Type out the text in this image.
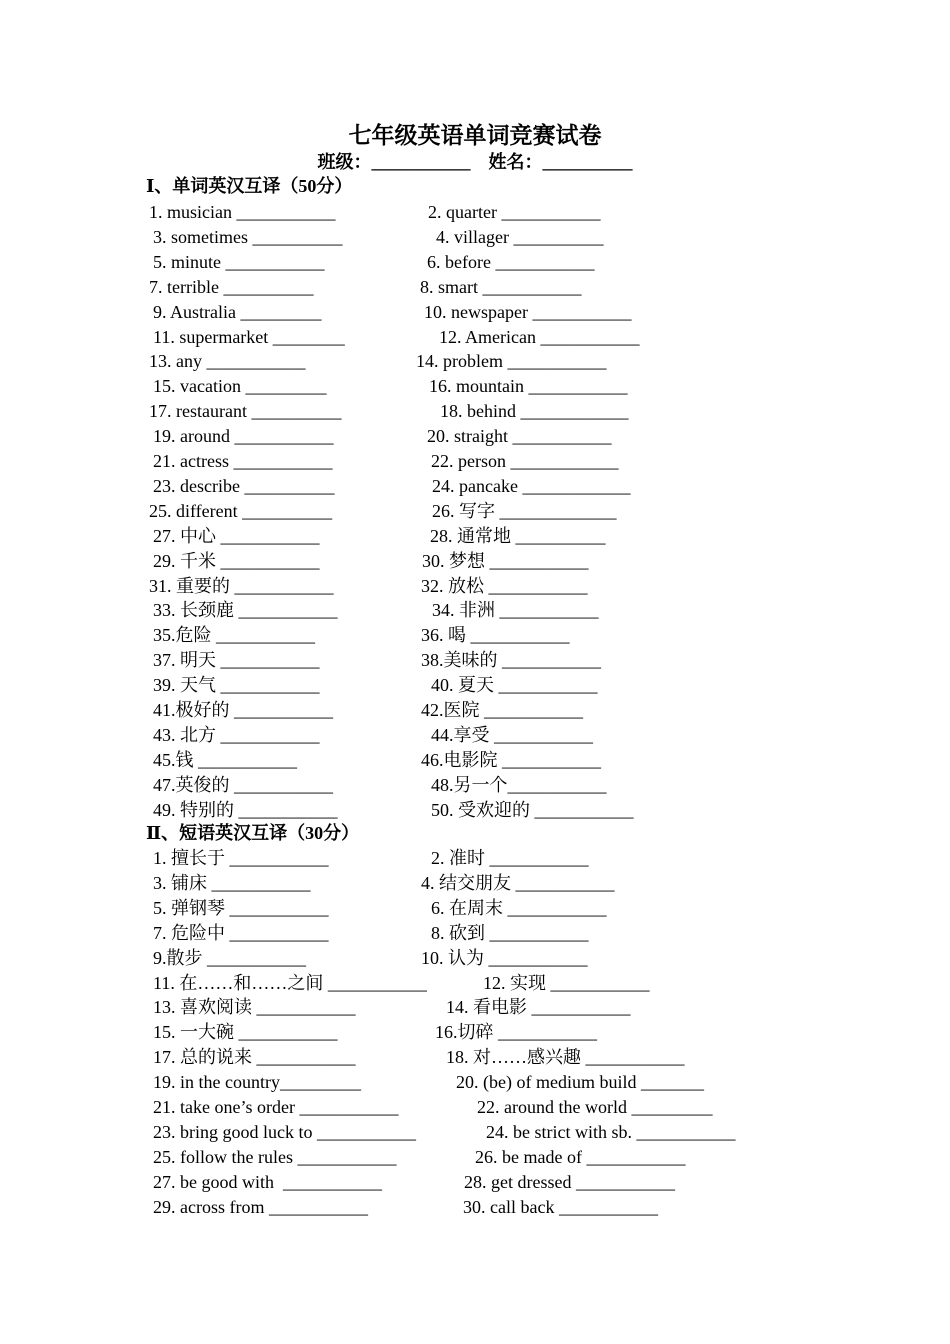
七年级英语单词竞赛试卷
班级：___________    姓名：__________
Ⅰ、单词英汉互译（50分）
1. musician ___________	2. quarter ___________
3. sometimes __________	4. villager __________
5. minute ___________	6. before ___________
7. terrible __________	8. smart ___________
9. Australia _________	10. newspaper ___________
11. supermarket ________	12. American ___________
13. any ___________	14. problem ___________
15. vacation _________	16. mountain ___________
17. restaurant __________	18. behind ____________
19. around ___________	20. straight ___________
21. actress ___________	22. person ____________
23. describe __________	24. pancake ____________
25. different __________	26. 写字 _____________
27. 中心 ___________	28. 通常地 __________
29. 千米 ___________	30. 梦想 ___________
31. 重要的 ___________	32. 放松 ___________
33. 长颈鹿 ___________	34. 非洲 ___________
35.危险 ___________	36. 喝 ___________
37. 明天 ___________	38.美味的 ___________
39. 天气 ___________	40. 夏天 ___________
41.极好的 ___________	42.医院 ___________
43. 北方 ___________	44.享受 ___________
45.钱 ___________	46.电影院 ___________
47.英俊的 ___________	48.另一个___________
49. 特别的 ___________	50. 受欢迎的 ___________
Ⅱ、短语英汉互译（30分）
1. 擅长于 ___________	2. 准时 ___________
3. 铺床 ___________	4. 结交朋友 ___________
5. 弹钢琴 ___________	6. 在周末 ___________
7. 危险中 ___________	8. 砍到 ___________
9.散步 ___________	10. 认为 ___________
11. 在……和……之间 ___________	12. 实现 ___________
13. 喜欢阅读 ___________	14. 看电影 ___________
15. 一大碗 ___________	16.切碎 ___________
17. 总的说来 ___________	18. 对……感兴趣 ___________
19. in the country_________	20. (be) of medium build _______
21. take one’s order ___________	22. around the world _________
23. bring good luck to ___________	24. be strict with sb. ___________
25. follow the rules ___________	26. be made of ___________
27. be good with  ___________	28. get dressed ___________
29. across from ___________	30. call back ___________
